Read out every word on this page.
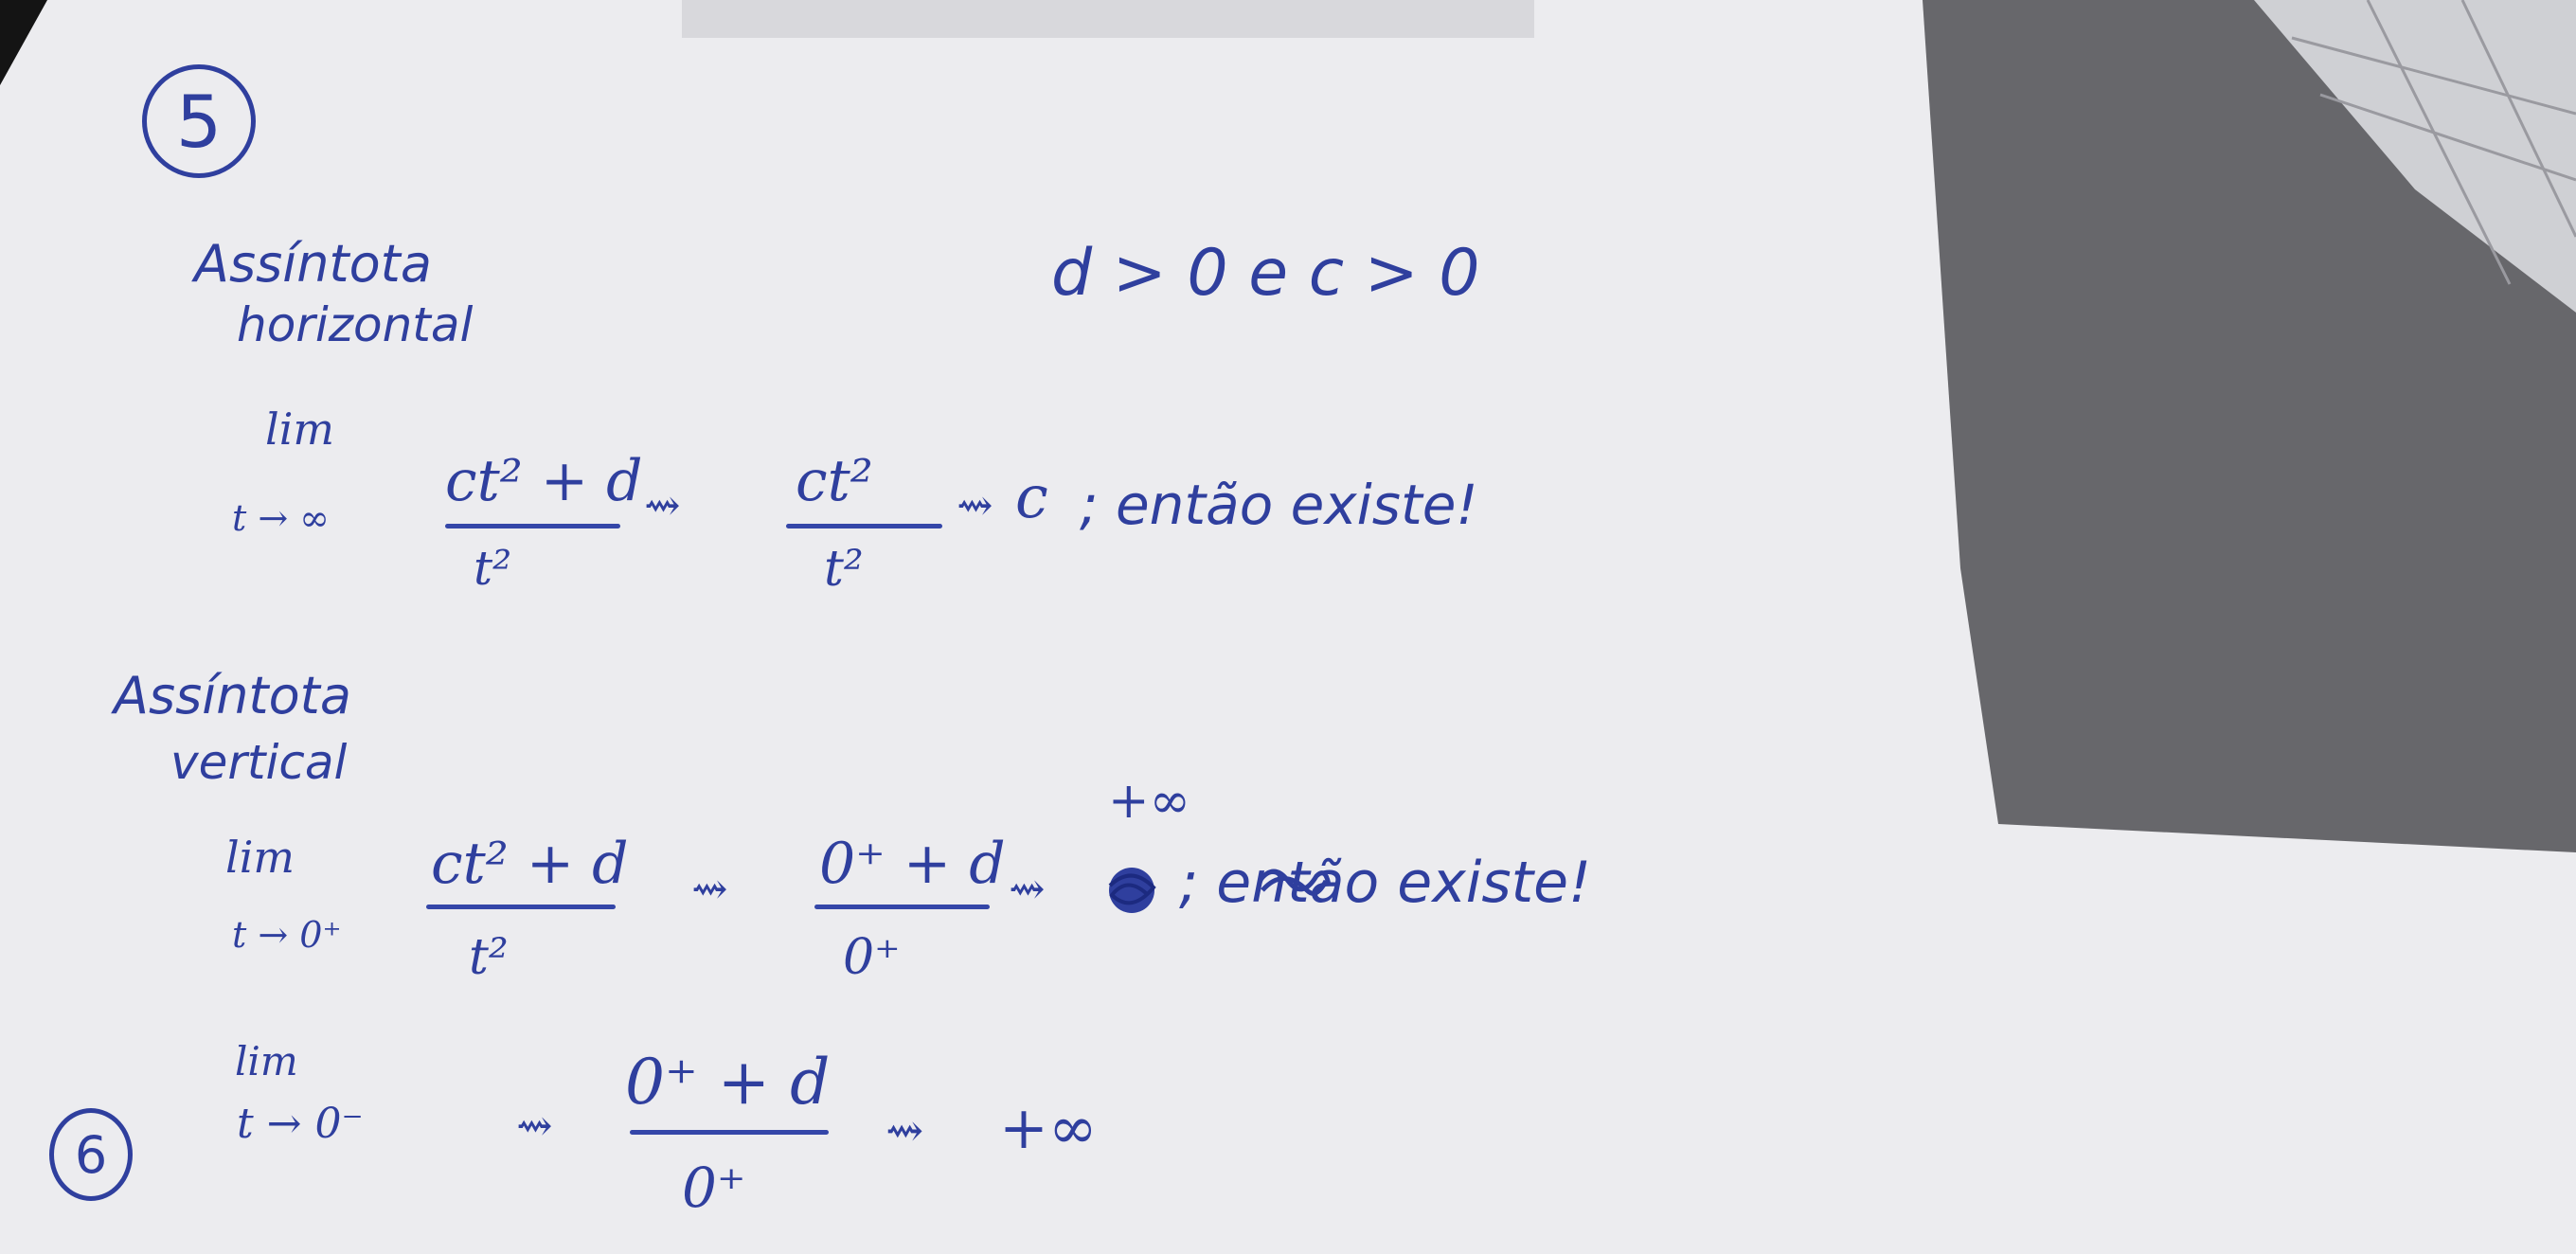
5
Assíntota
horizontal
d > 0 e c > 0
lim
t → ∞
ct² + d
t²
⇝ ct²
t²
⇝ c ; então existe!
Assíntota
vertical
+∞
lim
t → 0⁺
ct² + d
t²
⇝ 0⁺ + d
0⁺
⇝ ; então existe!
6
lim
t → 0⁻	⇝
0⁺ + d
0⁺
⇝ +∞
